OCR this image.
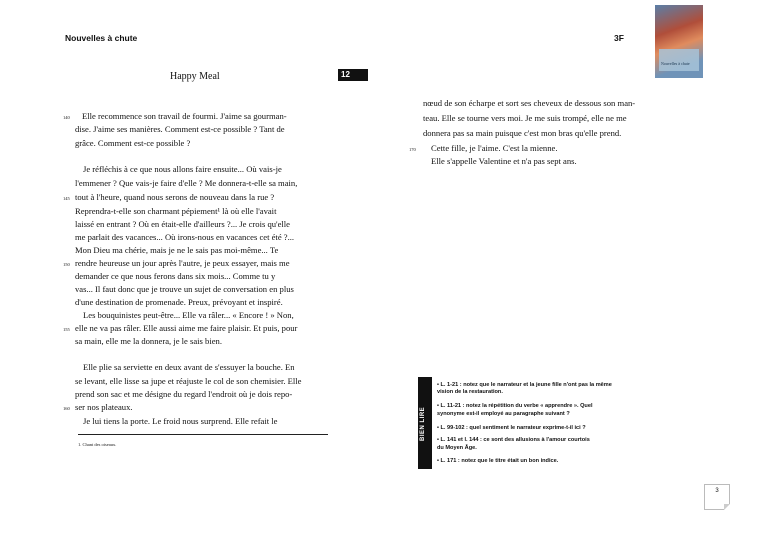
Nouvelles à chute	3F
Nouvelles à chute
Happy Meal	12
Elle recommence son travail de fourmi. J'aime sa gourman-
dise. J'aime ses manières. Comment est-ce possible ? Tant de
grâce. Comment est-ce possible ?
Je réfléchis à ce que nous allons faire ensuite... Où vais-je
l'emmener ? Que vais-je faire d'elle ? Me donnera-t-elle sa main,
tout à l'heure, quand nous serons de nouveau dans la rue ?
Reprendra-t-elle son charmant pépiement¹ là où elle l'avait
laissé en entrant ? Où en était-elle d'ailleurs ?... Je crois qu'elle
me parlait des vacances... Où irons-nous en vacances cet été ?...
Mon Dieu ma chérie, mais je ne le sais pas moi-même... Te
rendre heureuse un jour après l'autre, je peux essayer, mais me
demander ce que nous ferons dans six mois... Comme tu y
vas... Il faut donc que je trouve un sujet de conversation en plus
d'une destination de promenade. Preux, prévoyant et inspiré.
Les bouquinistes peut-être... Elle va râler... « Encore ! » Non,
elle ne va pas râler. Elle aussi aime me faire plaisir. Et puis, pour
sa main, elle me la donnera, je le sais bien.
Elle plie sa serviette en deux avant de s'essuyer la bouche. En
se levant, elle lisse sa jupe et réajuste le col de son chemisier. Elle
prend son sac et me désigne du regard l'endroit où je dois repo-
ser nos plateaux.
Je lui tiens la porte. Le froid nous surprend. Elle refait le
140
145
150
155
160
1. Chant des oiseaux.
nœud de son écharpe et sort ses cheveux de dessous son man-
teau. Elle se tourne vers moi. Je me suis trompé, elle ne me
donnera pas sa main puisque c'est mon bras qu'elle prend.
Cette fille, je l'aime. C'est la mienne.
Elle s'appelle Valentine et n'a pas sept ans.
170
BIEN LIRE
• L. 1-21 : notez que le narrateur et la jeune fille n'ont pas la même
vision de la restauration.
• L. 11-21 : notez la répétition du verbe « apprendre ». Quel
synonyme est-il employé au paragraphe suivant ?
• L. 99-102 : quel sentiment le narrateur exprime-t-il ici ?
• L. 141 et l. 144 : ce sont des allusions à l'amour courtois
du Moyen Âge.
• L. 171 : notez que le titre était un bon indice.
3
